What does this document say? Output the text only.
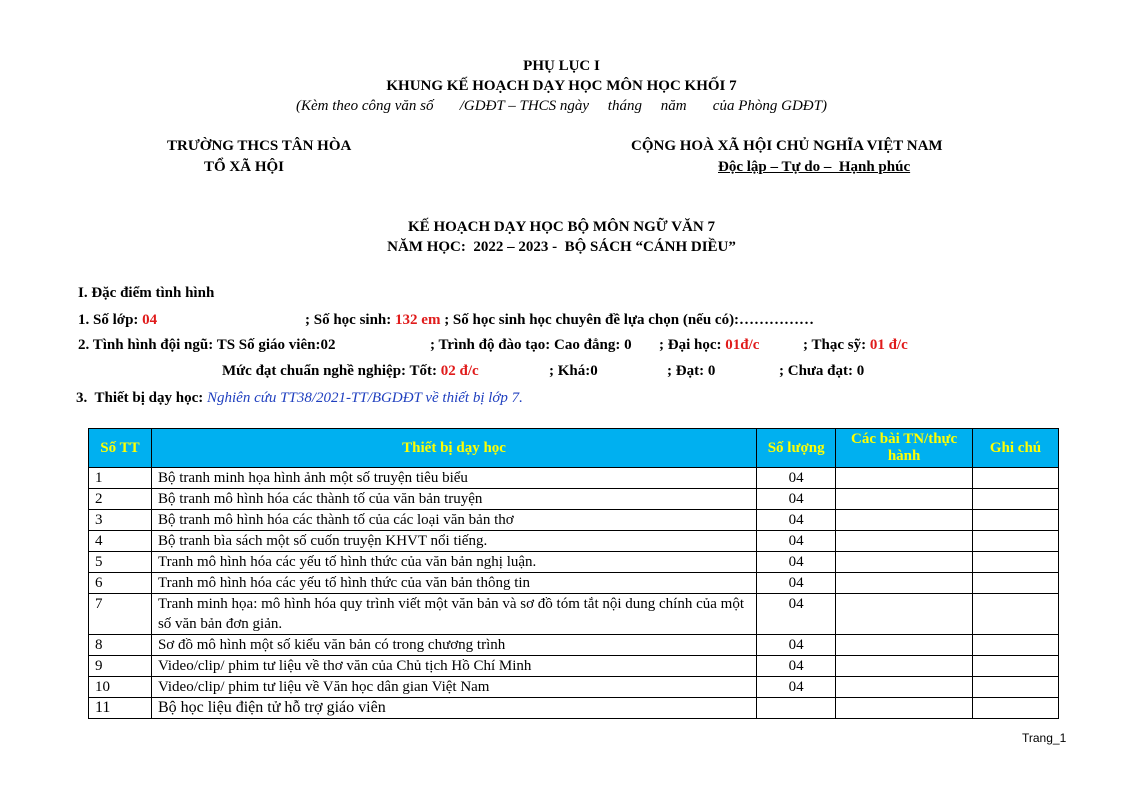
PHỤ LỤC I
KHUNG KẾ HOẠCH DẠY HỌC MÔN HỌC KHỐI 7
(Kèm theo công văn số       /GDĐT – THCS ngày     tháng     năm       của Phòng GDĐT)
TRƯỜNG THCS TÂN HÒA
TỔ XÃ HỘI
CỘNG HOÀ XÃ HỘI CHỦ NGHĨA VIỆT NAM
Độc lập – Tự do –  Hạnh phúc
KẾ HOẠCH DẠY HỌC BỘ MÔN NGỮ VĂN 7
NĂM HỌC:  2022 – 2023 -  BỘ SÁCH “CÁNH DIỀU”
I. Đặc điểm tình hình
1. Số lớp: 04	; Số học sinh: 132 em ; Số học sinh học chuyên đề lựa chọn (nếu có):……………
2. Tình hình đội ngũ: TS Số giáo viên:02	; Trình độ đào tạo: Cao đẳng: 0 ; Đại học: 01đ/c	; Thạc sỹ: 01 đ/c
Mức đạt chuẩn nghề nghiệp: Tốt: 02 đ/c	; Khá:0	; Đạt: 0	; Chưa đạt: 0
3.  Thiết bị dạy học: Nghiên cứu TT38/2021-TT/BGDĐT về thiết bị lớp 7.
Số TT	Thiết bị dạy học	Số lượng	Các bài TN/thực hành	Ghi chú
1	Bộ tranh minh họa hình ảnh một số truyện tiêu biểu	04		
2	Bộ tranh mô hình hóa các thành tố của văn bản truyện	04		
3	Bộ tranh mô hình hóa các thành tố của các loại văn bản thơ	04		
4	Bộ tranh bìa sách một số cuốn truyện KHVT nổi tiếng.	04		
5	Tranh mô hình hóa các yếu tố hình thức của văn bản nghị luận.	04		
6	Tranh mô hình hóa các yếu tố hình thức của văn bản thông tin	04		
7	Tranh minh họa: mô hình hóa quy trình viết một văn bản và sơ đồ tóm tắt nội dung chính của một số văn bản đơn giản.	04		
8	Sơ đồ mô hình một số kiểu văn bản có trong chương trình	04		
9	Video/clip/ phim tư liệu về thơ văn của Chủ tịch Hồ Chí Minh	04		
10	Video/clip/ phim tư liệu về Văn học dân gian Việt Nam	04		
11	Bộ học liệu điện tử hỗ trợ giáo viên			
Trang_1
